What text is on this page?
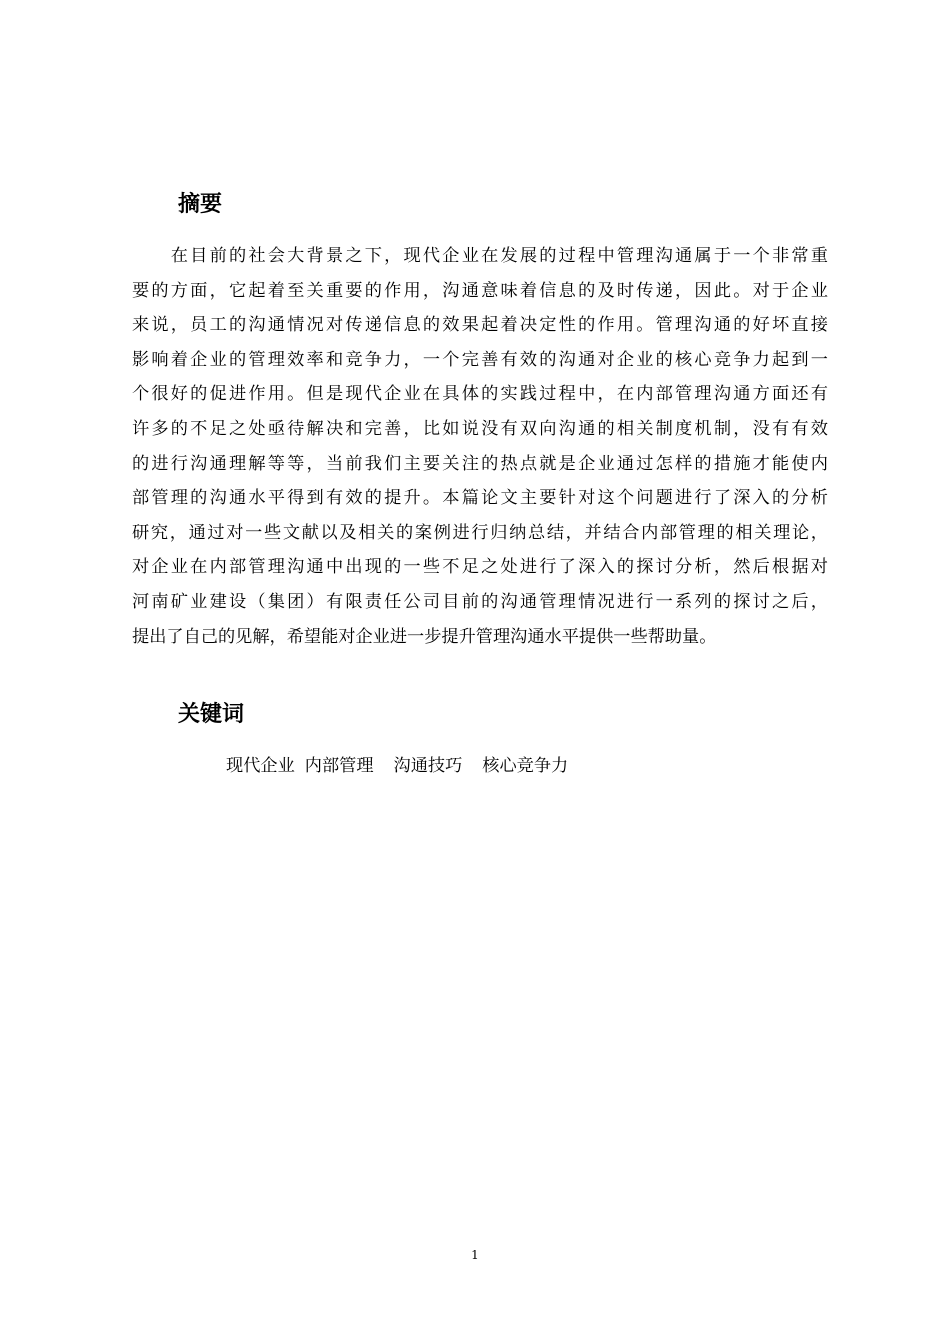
摘要
　　在目前的社会大背景之下，现代企业在发展的过程中管理沟通属于一个非常重
要的方面，它起着至关重要的作用，沟通意味着信息的及时传递，因此。对于企业
来说，员工的沟通情况对传递信息的效果起着决定性的作用。管理沟通的好坏直接
影响着企业的管理效率和竞争力，一个完善有效的沟通对企业的核心竞争力起到一
个很好的促进作用。但是现代企业在具体的实践过程中，在内部管理沟通方面还有
许多的不足之处亟待解决和完善，比如说没有双向沟通的相关制度机制，没有有效
的进行沟通理解等等，当前我们主要关注的热点就是企业通过怎样的措施才能使内
部管理的沟通水平得到有效的提升。本篇论文主要针对这个问题进行了深入的分析
研究，通过对一些文献以及相关的案例进行归纳总结，并结合内部管理的相关理论，
对企业在内部管理沟通中出现的一些不足之处进行了深入的探讨分析，然后根据对
河南矿业建设（集团）有限责任公司目前的沟通管理情况进行一系列的探讨之后，
提出了自己的见解，希望能对企业进一步提升管理沟通水平提供一些帮助量。
关键词
现代企业 内部管理 沟通技巧 核心竞争力
1
